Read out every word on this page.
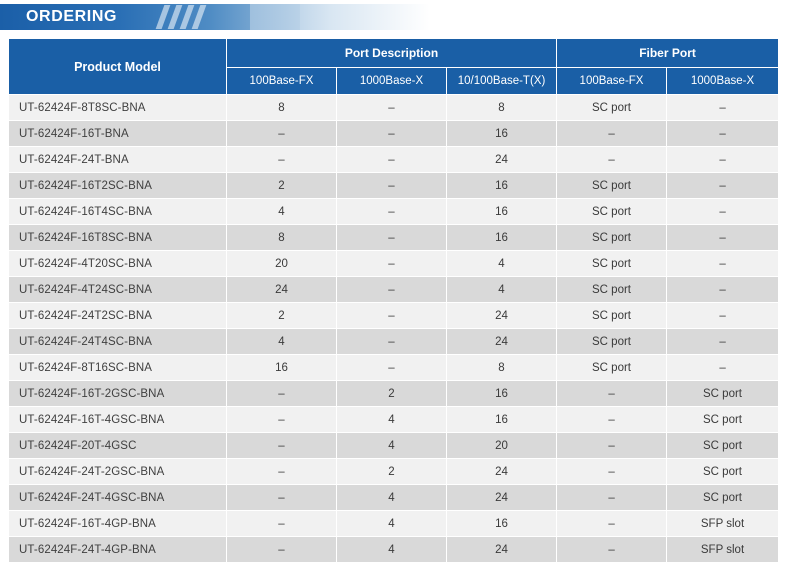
ORDERING
Product Model	Port Description			Fiber Port	
	100Base-FX	1000Base-X	10/100Base-T(X)	100Base-FX	1000Base-X
UT-62424F-8T8SC-BNA	8	–	8	SC port	–
UT-62424F-16T-BNA	–	–	16	–	–
UT-62424F-24T-BNA	–	–	24	–	–
UT-62424F-16T2SC-BNA	2	–	16	SC port	–
UT-62424F-16T4SC-BNA	4	–	16	SC port	–
UT-62424F-16T8SC-BNA	8	–	16	SC port	–
UT-62424F-4T20SC-BNA	20	–	4	SC port	–
UT-62424F-4T24SC-BNA	24	–	4	SC port	–
UT-62424F-24T2SC-BNA	2	–	24	SC port	–
UT-62424F-24T4SC-BNA	4	–	24	SC port	–
UT-62424F-8T16SC-BNA	16	–	8	SC port	–
UT-62424F-16T-2GSC-BNA	–	2	16	–	SC port
UT-62424F-16T-4GSC-BNA	–	4	16	–	SC port
UT-62424F-20T-4GSC	–	4	20	–	SC port
UT-62424F-24T-2GSC-BNA	–	2	24	–	SC port
UT-62424F-24T-4GSC-BNA	–	4	24	–	SC port
UT-62424F-16T-4GP-BNA	–	4	16	–	SFP slot
UT-62424F-24T-4GP-BNA	–	4	24	–	SFP slot
